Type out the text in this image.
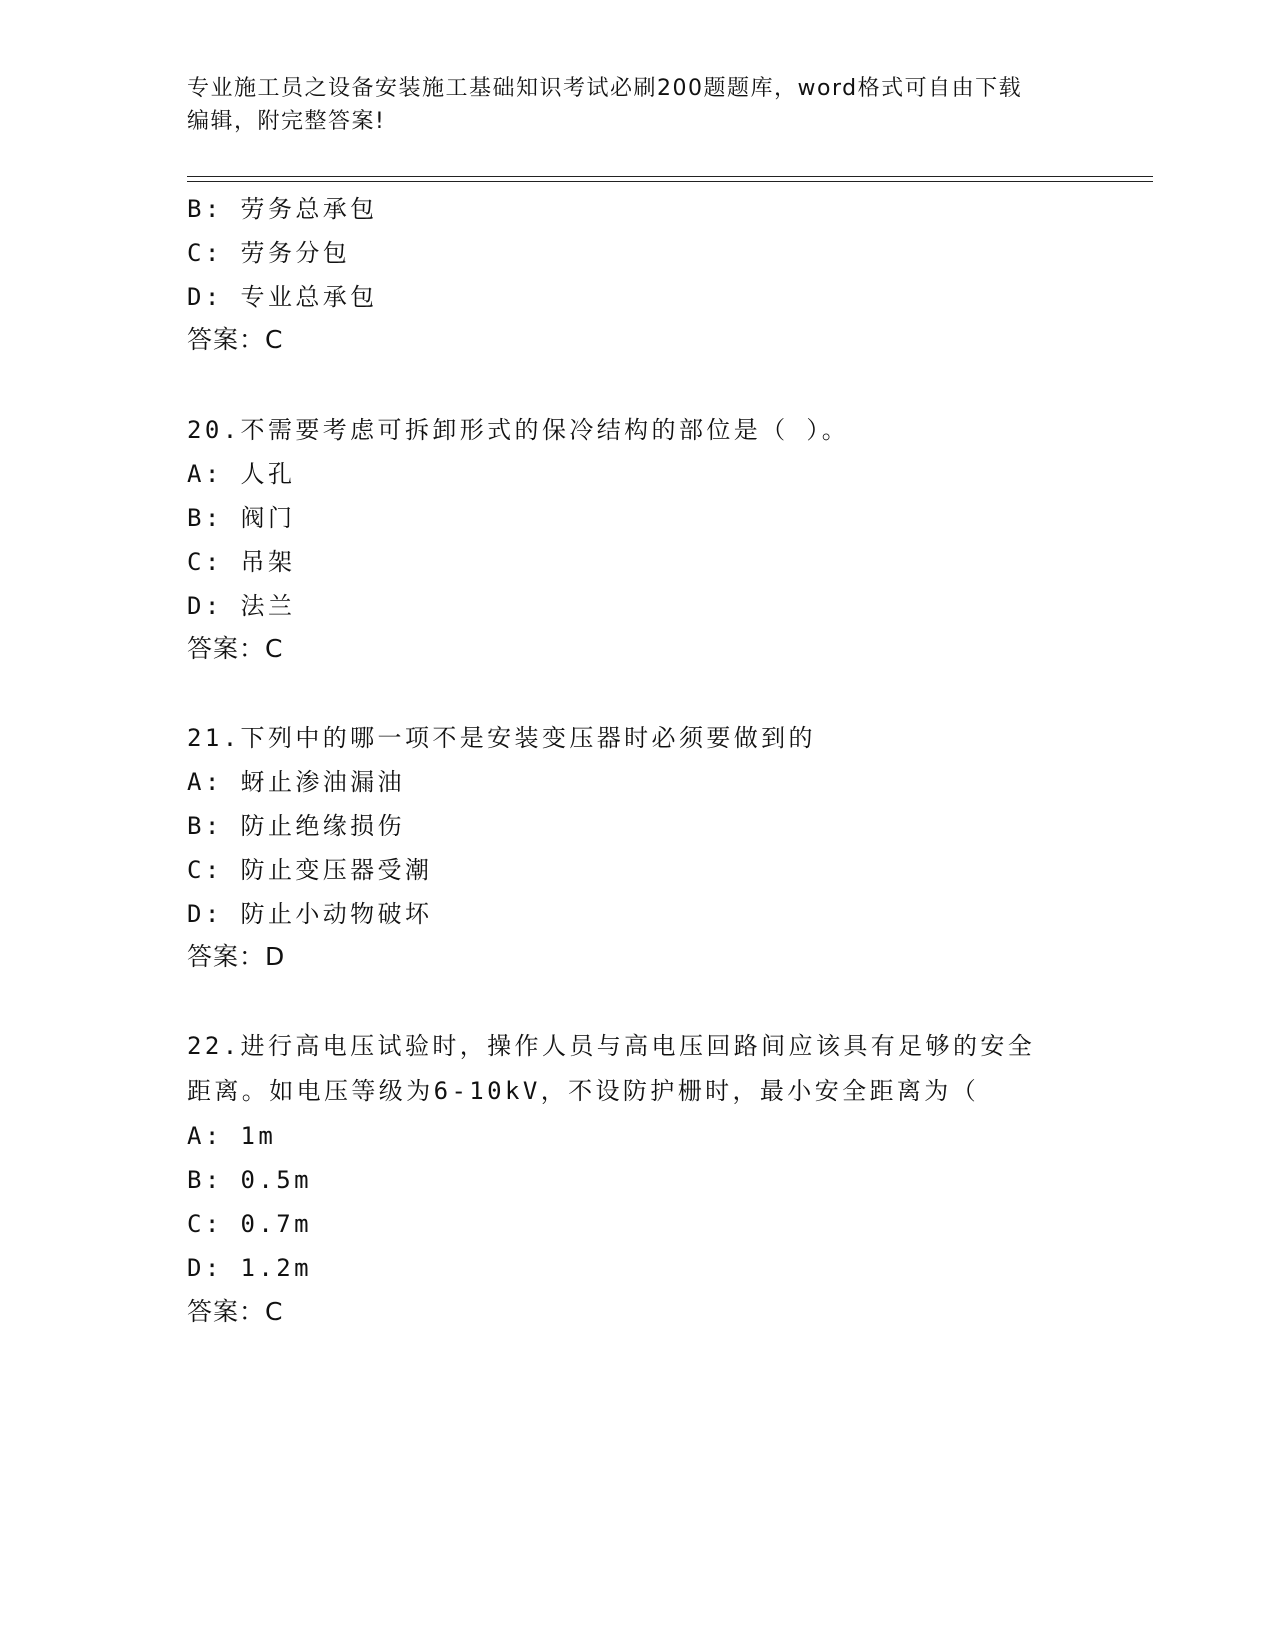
专业施工员之设备安装施工基础知识考试必刷200题题库，word格式可自由下载
编辑，附完整答案!
B: 劳务总承包
C: 劳务分包
D: 专业总承包
答案：C
20.不需要考虑可拆卸形式的保冷结构的部位是（ ）。
A: 人孔
B: 阀门
C: 吊架
D: 法兰
答案：C
21.下列中的哪一项不是安装变压器时必须要做到的
A: 蚜止渗油漏油
B: 防止绝缘损伤
C: 防止变压器受潮
D: 防止小动物破坏
答案：D
22.进行高电压试验时，操作人员与高电压回路间应该具有足够的安全
距离。如电压等级为6-10kV，不设防护栅时，最小安全距离为（
A: 1m
B: 0.5m
C: 0.7m
D: 1.2m
答案：C
